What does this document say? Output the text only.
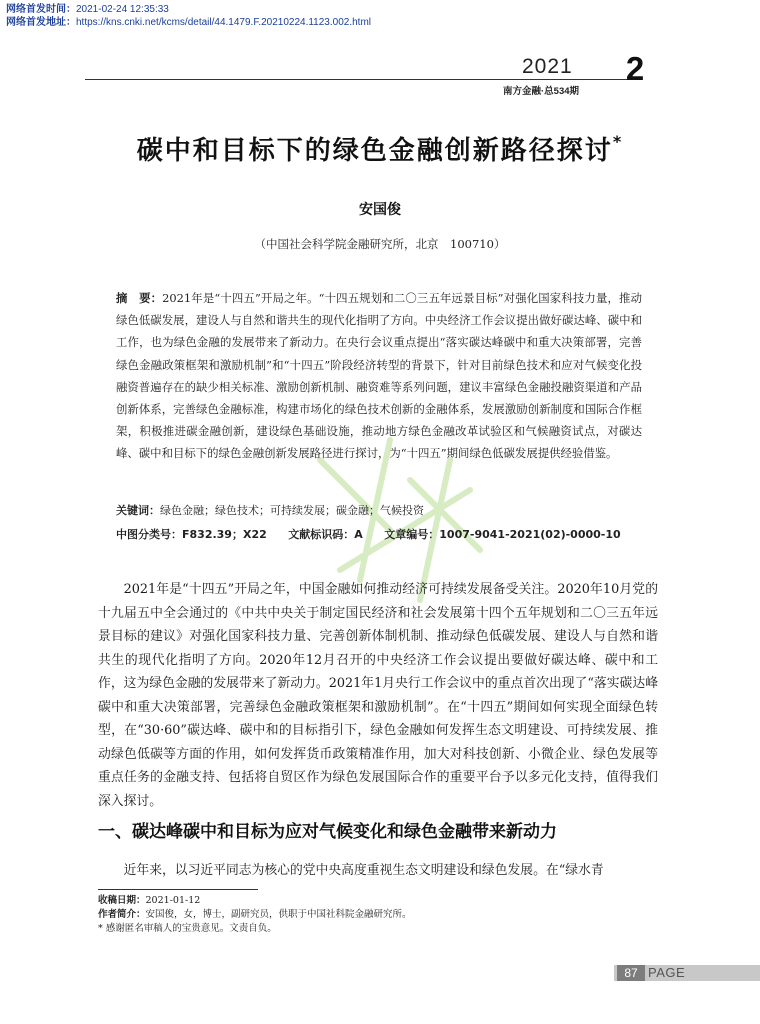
网络首发时间：2021-02-24 12:35:33
网络首发地址：https://kns.cnki.net/kcms/detail/44.1479.F.20210224.1123.002.html
2021
南方金融·总534期
2
碳中和目标下的绿色金融创新路径探讨*
安国俊
（中国社会科学院金融研究所，北京　100710）
摘　要：2021年是“十四五”开局之年。“十四五规划和二〇三五年远景目标”对强化国家科技力量，推动绿色低碳发展，建设人与自然和谐共生的现代化指明了方向。中央经济工作会议提出做好碳达峰、碳中和工作，也为绿色金融的发展带来了新动力。在央行会议重点提出“落实碳达峰碳中和重大决策部署，完善绿色金融政策框架和激励机制”和“十四五”阶段经济转型的背景下，针对目前绿色技术和应对气候变化投融资普遍存在的缺少相关标准、激励创新机制、融资难等系列问题，建议丰富绿色金融投融资渠道和产品创新体系，完善绿色金融标准，构建市场化的绿色技术创新的金融体系，发展激励创新制度和国际合作框架，积极推进碳金融创新，建设绿色基础设施，推动地方绿色金融改革试验区和气候融资试点，对碳达峰、碳中和目标下的绿色金融创新发展路径进行探讨，为“十四五”期间绿色低碳发展提供经验借鉴。
关键词：绿色金融；绿色技术；可持续发展；碳金融；气候投资
中图分类号：F832.39；X22 文献标识码：A 文章编号：1007-9041-2021(02)-0000-10
2021年是“十四五”开局之年，中国金融如何推动经济可持续发展备受关注。2020年10月党的十九届五中全会通过的《中共中央关于制定国民经济和社会发展第十四个五年规划和二〇三五年远景目标的建议》对强化国家科技力量、完善创新体制机制、推动绿色低碳发展、建设人与自然和谐共生的现代化指明了方向。2020年12月召开的中央经济工作会议提出要做好碳达峰、碳中和工作，这为绿色金融的发展带来了新动力。2021年1月央行工作会议中的重点首次出现了“落实碳达峰碳中和重大决策部署，完善绿色金融政策框架和激励机制”。在“十四五”期间如何实现全面绿色转型，在“30·60”碳达峰、碳中和的目标指引下，绿色金融如何发挥生态文明建设、可持续发展、推动绿色低碳等方面的作用，如何发挥货币政策精准作用，加大对科技创新、小微企业、绿色发展等重点任务的金融支持、包括将自贸区作为绿色发展国际合作的重要平台予以多元化支持，值得我们深入探讨。
一、碳达峰碳中和目标为应对气候变化和绿色金融带来新动力
近年来，以习近平同志为核心的党中央高度重视生态文明建设和绿色发展。在“绿水青
收稿日期：2021-01-12
作者简介：安国俊，女，博士，副研究员，供职于中国社科院金融研究所。
* 感谢匿名审稿人的宝贵意见。文责自负。
87 PAGE
